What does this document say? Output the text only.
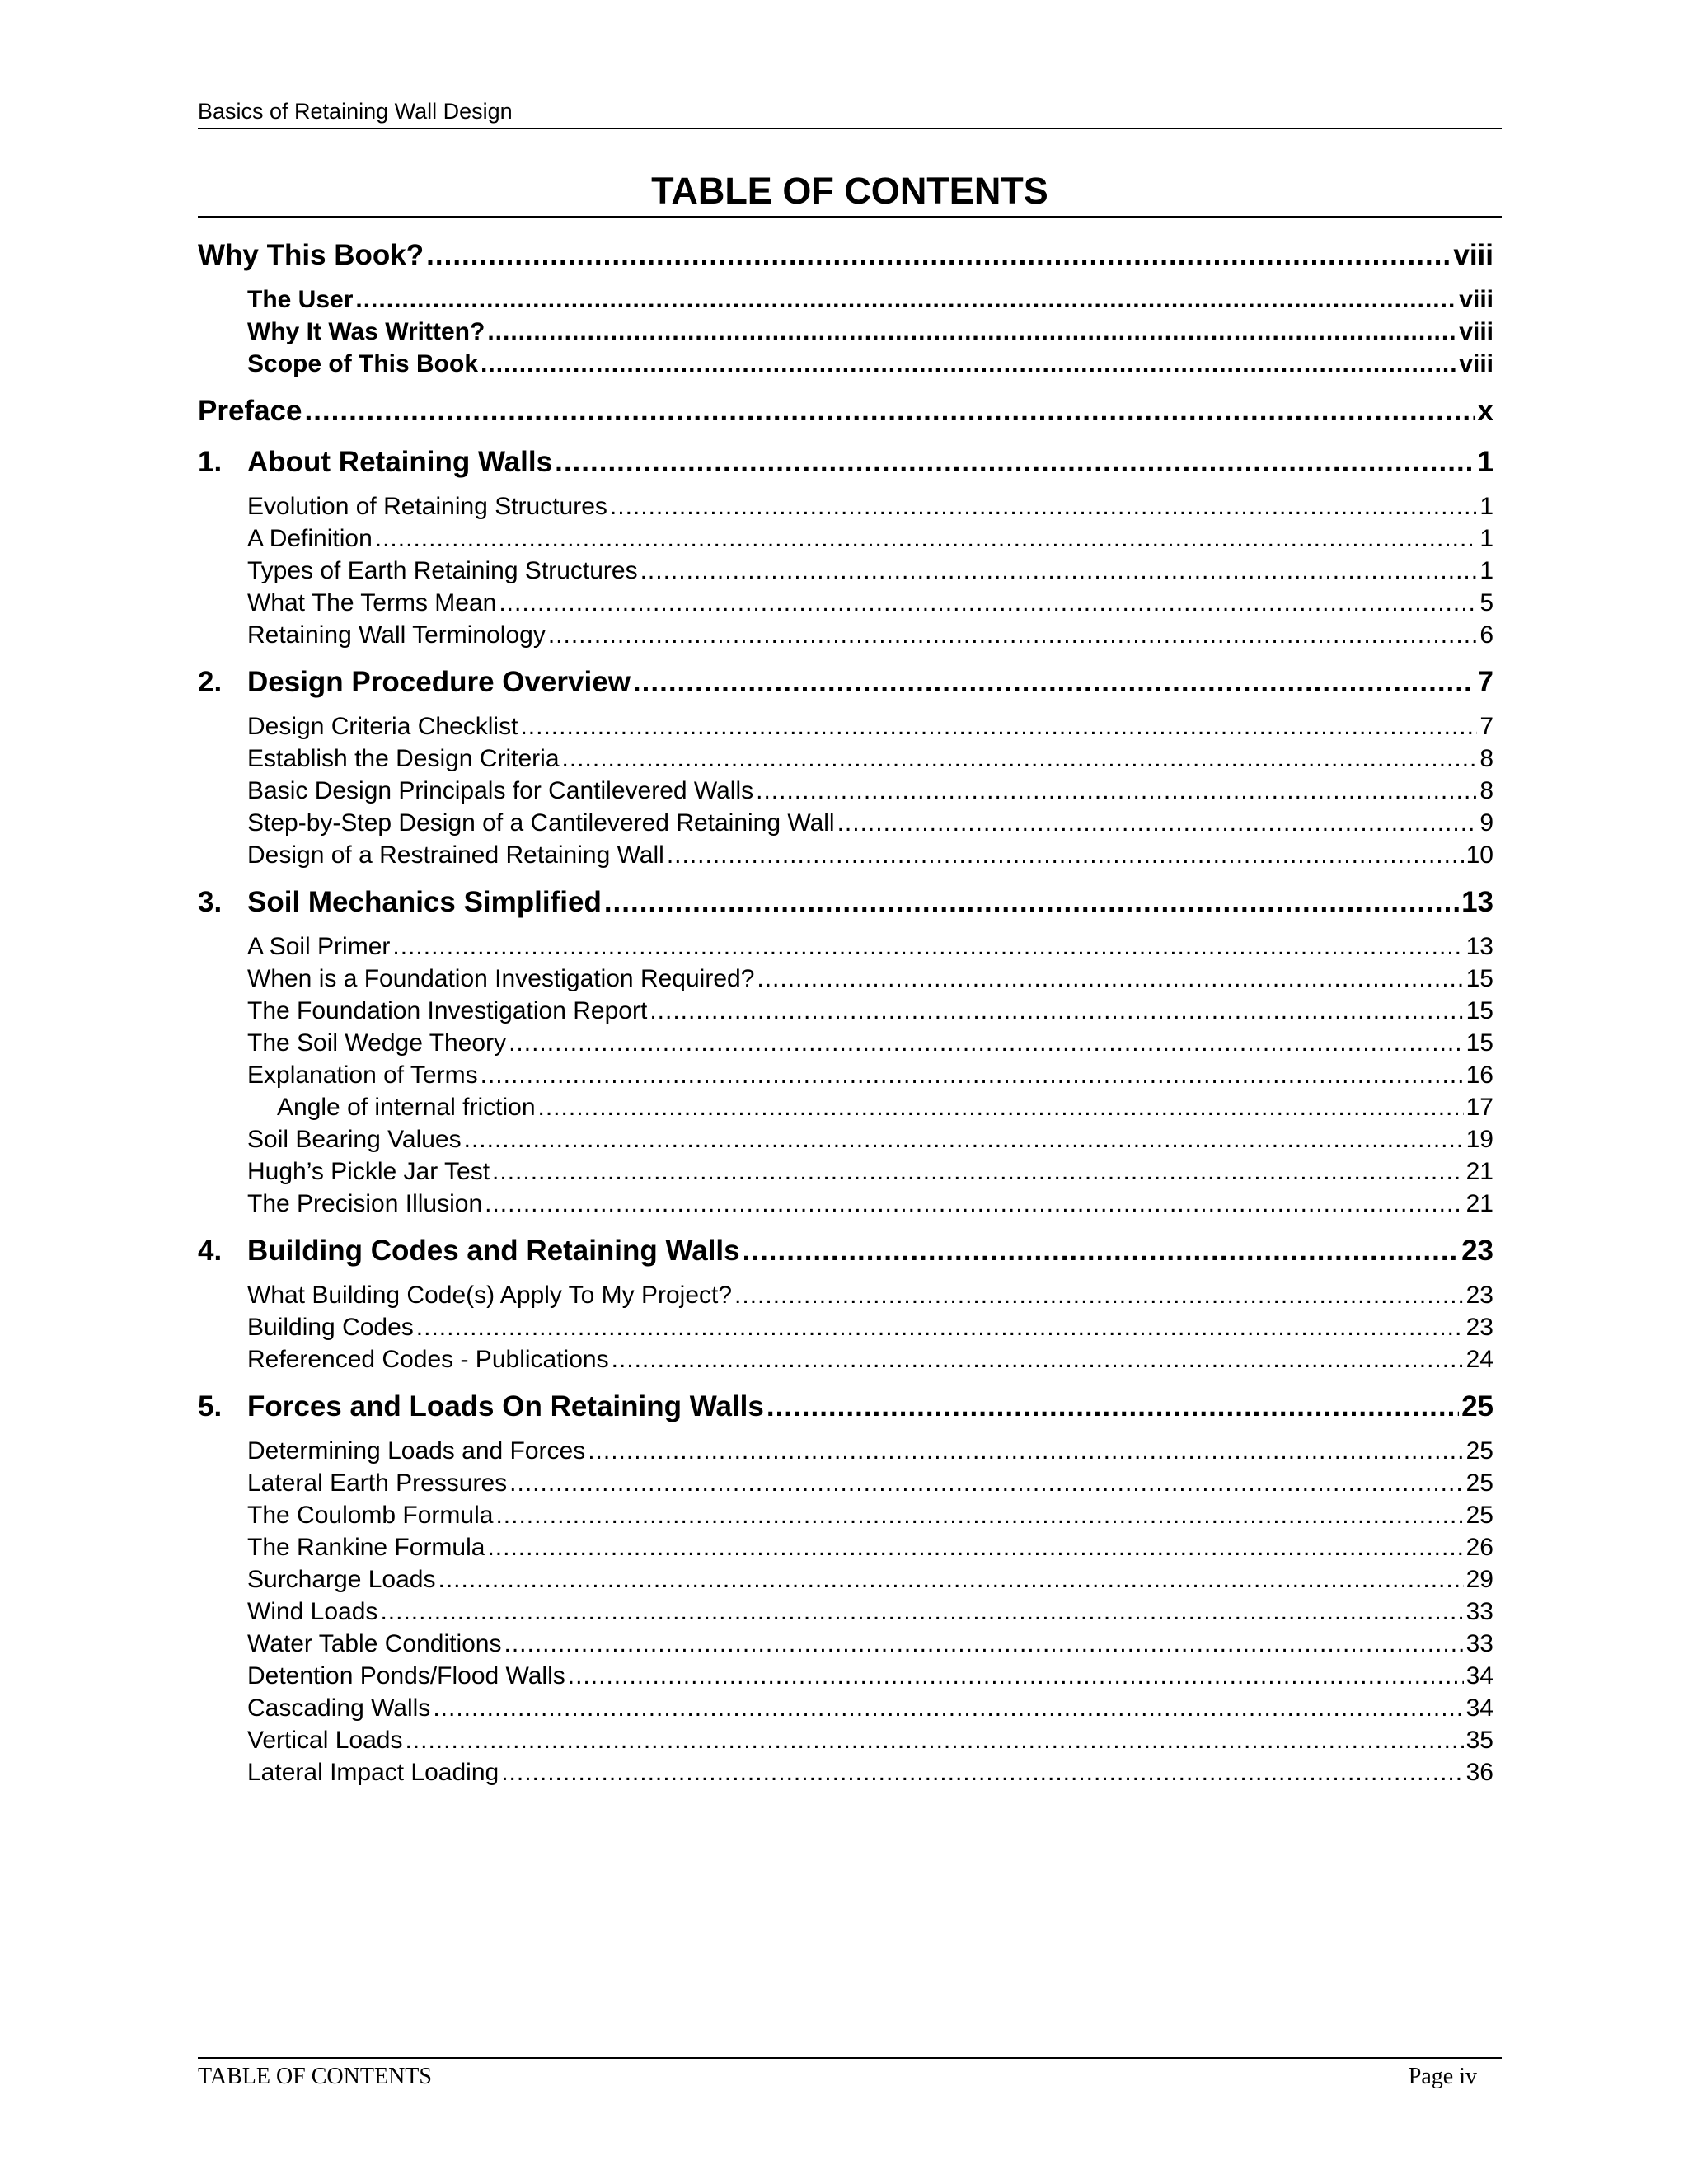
Basics of Retaining Wall Design
TABLE OF CONTENTS
Why This Book? .....	viii
The User .....	viii
Why It Was Written? .....	viii
Scope of This Book .....	viii
Preface .....	x
1. About Retaining Walls .....	1
Evolution of Retaining Structures .....	1
A Definition .....	1
Types of Earth Retaining Structures .....	1
What The Terms Mean .....	5
Retaining Wall Terminology .....	6
2. Design Procedure Overview .....	7
Design Criteria Checklist .....	7
Establish the Design Criteria .....	8
Basic Design Principals for Cantilevered Walls .....	8
Step-by-Step Design of a Cantilevered Retaining Wall .....	9
Design of a Restrained Retaining Wall .....	10
3. Soil Mechanics Simplified .....	13
A Soil Primer .....	13
When is a Foundation Investigation Required? .....	15
The Foundation Investigation Report .....	15
The Soil Wedge Theory .....	15
Explanation of Terms .....	16
Angle of internal friction .....	17
Soil Bearing Values .....	19
Hugh’s Pickle Jar Test .....	21
The Precision Illusion .....	21
4. Building Codes and Retaining Walls .....	23
What Building Code(s) Apply To My Project? .....	23
Building Codes .....	23
Referenced Codes - Publications .....	24
5. Forces and Loads On Retaining Walls .....	25
Determining Loads and Forces .....	25
Lateral Earth Pressures .....	25
The Coulomb Formula .....	25
The Rankine Formula .....	26
Surcharge Loads .....	29
Wind Loads .....	33
Water Table Conditions .....	33
Detention Ponds/Flood Walls .....	34
Cascading Walls .....	34
Vertical Loads .....	35
Lateral Impact Loading .....	36
TABLE OF CONTENTS	Page iv
